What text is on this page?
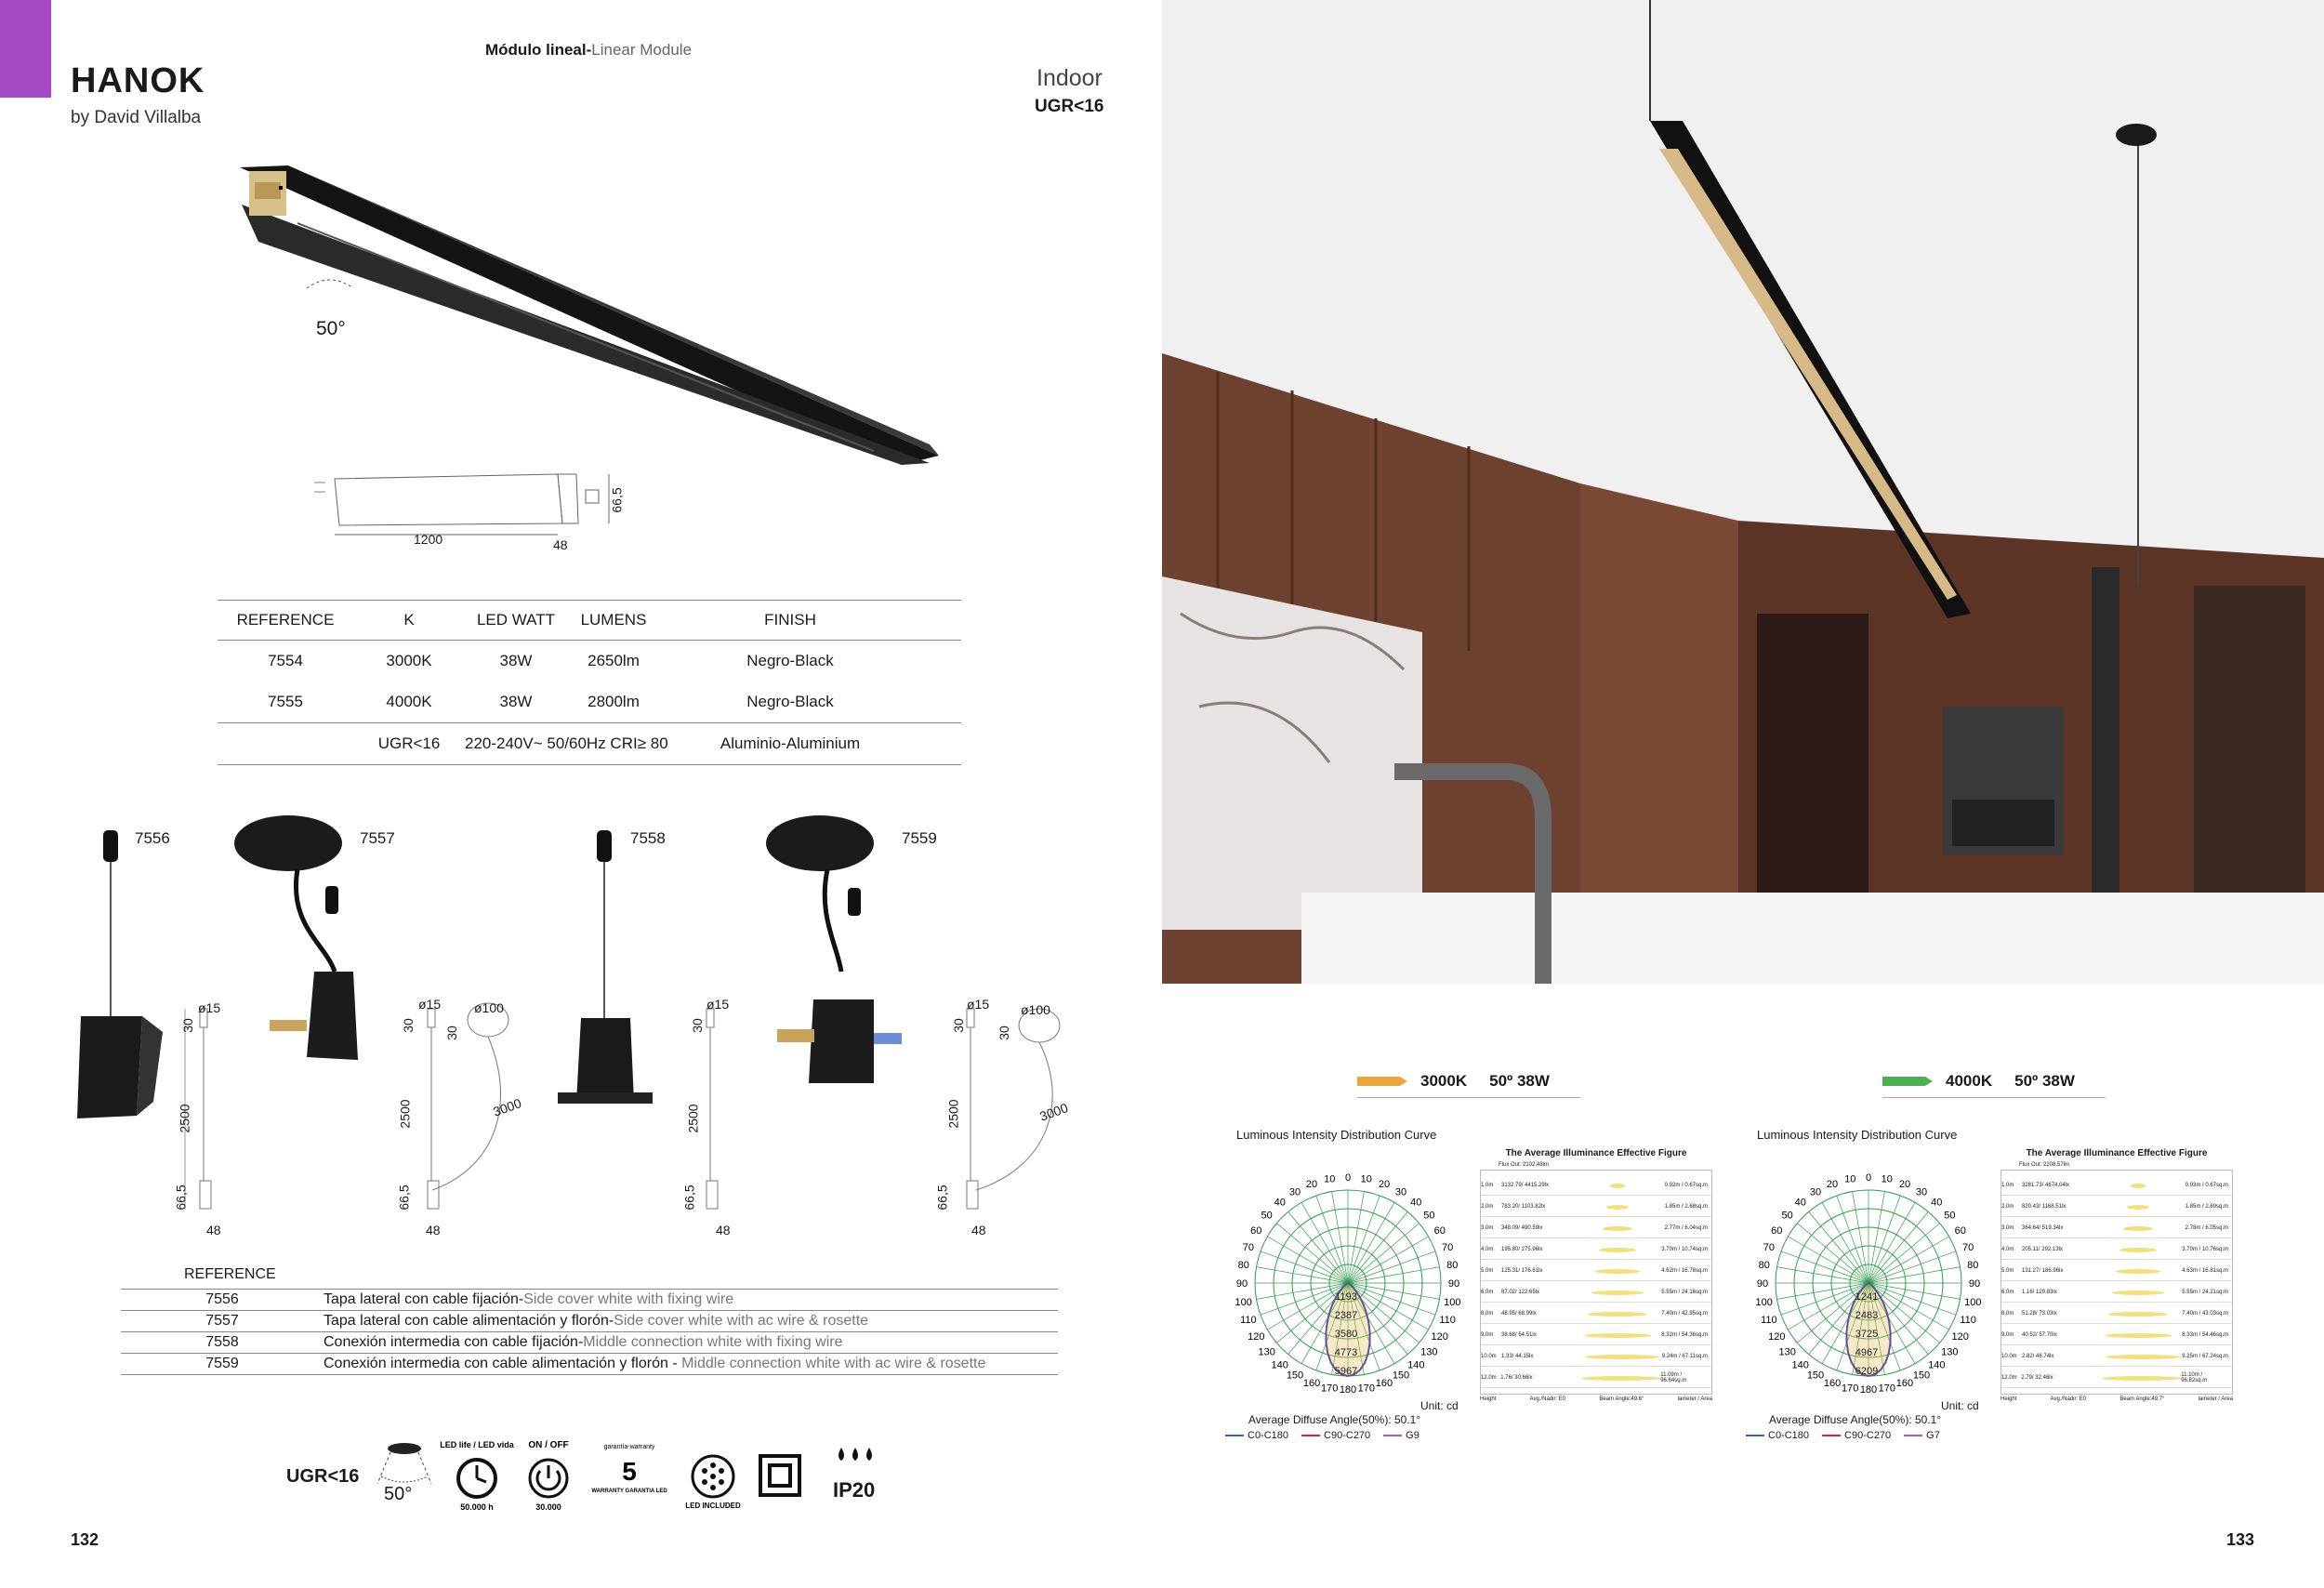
Módulo lineal-Linear Module
HANOK
by David Villalba
Indoor
UGR<16
50°
1200	48
66,5
REFERENCE	K	LED WATT	LUMENS	FINISH
7554	3000K	38W	2650lm	Negro-Black
7555	4000K	38W	2800lm	Negro-Black
UGR<16	220-240V~ 50/60Hz CRI≥ 80	Aluminio-Aluminium
7556	7557	7558	7559
ø15
30
2500
66,5
48
ø15	ø100
30
30
2500	3000
66,5
48
ø15
30
2500
66,5
48
ø15 ø100
30
30
2500	3000
66,5
48
REFERENCE
7556	Tapa lateral con cable fijación-Side cover white with fixing wire
7557	Tapa lateral con cable alimentación y florón-Side cover white with ac wire & rosette
7558	Conexión intermedia con cable fijación-Middle connection white with fixing wire
7559	Conexión intermedia con cable alimentación y florón - Middle connection white with ac wire & rosette
UGR<16
50°
LED life / LED vida
50.000 h
ON / OFF
30.000
garantía-warranty
5
WARRANTY GARANTIA LED
LED INCLUDED
IP20
132
3000K 50º 38W	4000K 50º 38W
Luminous Intensity Distribution Curve
180
170 170
160	160
150	150
140	140
130	130
120	120
110	110
100	100
90	90
80	80
70	70
60	60
50	50
40	40
30	30
20	20
10 10
0
1193
2387
3580
4773
5967
Unit: cd
Average Diffuse Angle(50%): 50.1°
C0-C180	C90-C270	G9
The Average Illuminance Effective Figure
Flux Out: 2102.48lm
1.0m	3132.79/ 4415.29lx	0.92m / 0.67sq.m
2.0m	783.20/ 1103.82lx	1.85m / 2.68sq.m
3.0m	348.09/ 490.59lx	2.77m / 6.04sq.m
4.0m	195.80/ 275.96lx	3.70m / 10.74sq.m
5.0m	125.31/ 176.61lx	4.62m / 16.78sq.m
6.0m	87.02/ 122.65lx	5.55m / 24.16sq.m
8.0m	48.95/ 68.99lx	7.40m / 42.95sq.m
9.0m	38.68/ 54.51lx	8.32m / 54.36sq.m
10.0m 1.33/ 44.15lx	9.24m / 67.11sq.m
12.0m 1.76/ 30.66lx	11.09m / 96.64sq.m
Height	Avg./Nadir: E0	Beam Angle:49.6°	lameter / Area
Luminous Intensity Distribution Curve
180
170 170
160	160
150	150
140	140
130	130
120	120
110	110
100	100
90	90
80	80
70	70
60	60
50	50
40	40
30	30
20	20
10 10
0
1241
2483
3725
4967
6209
Unit: cd
Average Diffuse Angle(50%): 50.1°
C0-C180	C90-C270	G7
The Average Illuminance Effective Figure
Flux Out: 2208.57lm
1.0m	3281.73/ 4674.04lx	0.93m / 0.67sq.m
2.0m	820.43/ 1168.51lx	1.85m / 2.69sq.m
3.0m	364.64/ 519.34lx	2.78m / 6.05sq.m
4.0m	205.11/ 292.13lx	3.70m / 10.76sq.m
5.0m	131.27/ 186.96lx	4.63m / 16.81sq.m
6.0m	1.16/ 129.83lx	5.55m / 24.21sq.m
8.0m	51.28/ 73.03lx	7.40m / 43.03sq.m
9.0m	40.52/ 57.70lx	8.33m / 54.46sq.m
10.0m 2.82/ 46.74lx	9.25m / 67.24sq.m
12.0m 2.79/ 32.46lx	11.10m / 96.82sq.m
Height	Avg./Nadir: E0	Beam Angle:49.7°	lameter / Area
133
